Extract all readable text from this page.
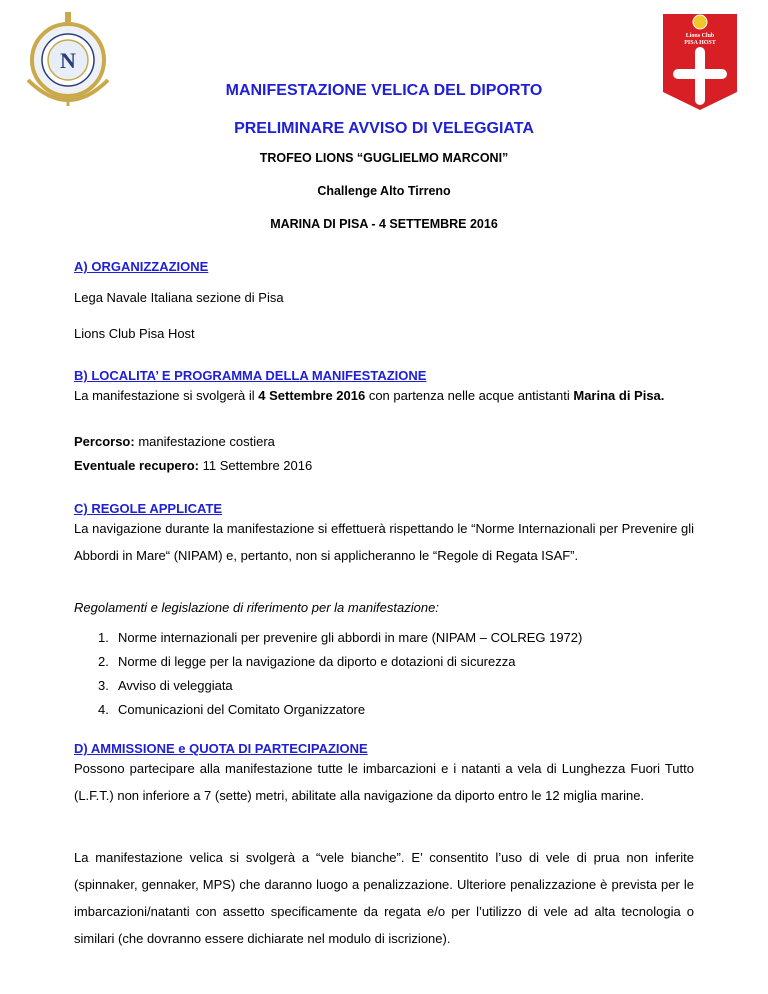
N
Lions Club
PISA HOST
MANIFESTAZIONE VELICA DEL DIPORTO
PRELIMINARE AVVISO DI VELEGGIATA
TROFEO LIONS “GUGLIELMO MARCONI”
Challenge Alto Tirreno
MARINA DI PISA - 4 SETTEMBRE 2016
A) ORGANIZZAZIONE
Lega Navale Italiana sezione di Pisa
Lions Club Pisa Host
B) LOCALITA’ E PROGRAMMA DELLA MANIFESTAZIONE
La manifestazione si svolgerà il 4 Settembre 2016 con partenza nelle acque antistanti Marina di Pisa.
Percorso: manifestazione costiera
Eventuale recupero: 11 Settembre 2016
C) REGOLE APPLICATE
La navigazione durante la manifestazione si effettuerà rispettando le “Norme Internazionali per Prevenire gli Abbordi in Mare“ (NIPAM) e, pertanto, non si applicheranno le “Regole di Regata ISAF”.
Regolamenti e legislazione di riferimento per la manifestazione:
1. Norme internazionali per prevenire gli abbordi in mare (NIPAM – COLREG 1972)
2. Norme di legge per la navigazione da diporto e dotazioni di sicurezza
3. Avviso di veleggiata
4. Comunicazioni del Comitato Organizzatore
D) AMMISSIONE e QUOTA DI PARTECIPAZIONE
Possono partecipare alla manifestazione tutte le imbarcazioni e i natanti a vela di Lunghezza Fuori Tutto (L.F.T.) non inferiore a 7 (sette) metri, abilitate alla navigazione da diporto entro le 12 miglia marine.
La manifestazione velica si svolgerà a “vele bianche”. E’ consentito l’uso di vele di prua non inferite (spinnaker, gennaker, MPS) che daranno luogo a penalizzazione. Ulteriore penalizzazione è prevista per le imbarcazioni/natanti con assetto specificamente da regata e/o per l’utilizzo di vele ad alta tecnologia o similari (che dovranno essere dichiarate nel modulo di iscrizione).
